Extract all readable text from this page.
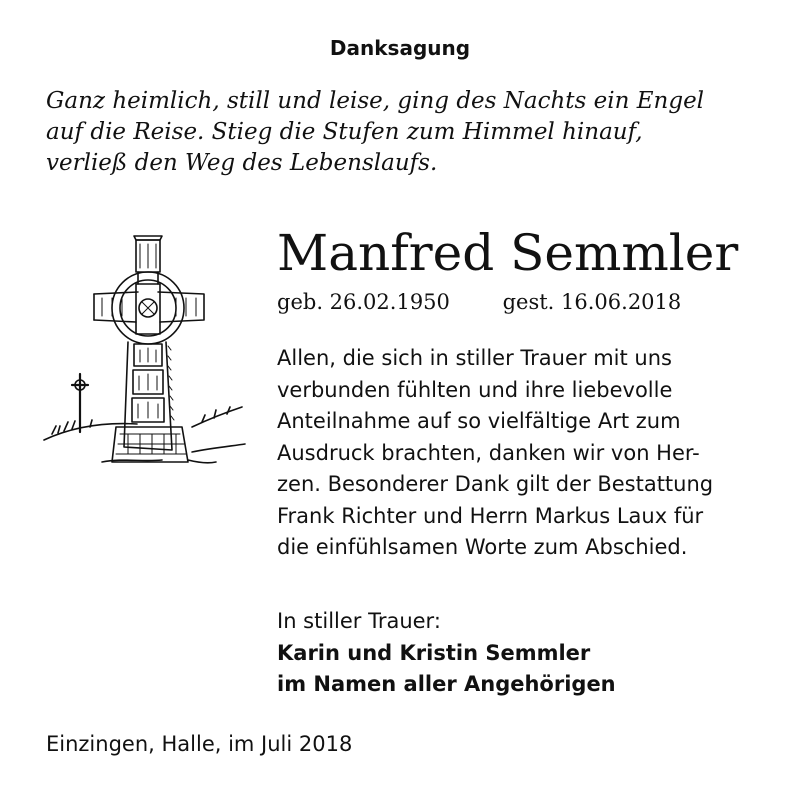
Danksagung
Ganz heimlich, still und leise, ging des Nachts ein Engel
auf die Reise. Stieg die Stufen zum Himmel hinauf,
verließ den Weg des Lebenslaufs.
Manfred Semmler
geb. 26.02.1950	gest. 16.06.2018
Allen, die sich in stiller Trauer mit uns
verbunden fühlten und ihre liebevolle
Anteilnahme auf so vielfältige Art zum
Ausdruck brachten, danken wir von Her-
zen. Besonderer Dank gilt der Bestattung
Frank Richter und Herrn Markus Laux für
die einfühlsamen Worte zum Abschied.
In stiller Trauer:
Karin und Kristin Semmler
im Namen aller Angehörigen
Einzingen, Halle, im Juli 2018
